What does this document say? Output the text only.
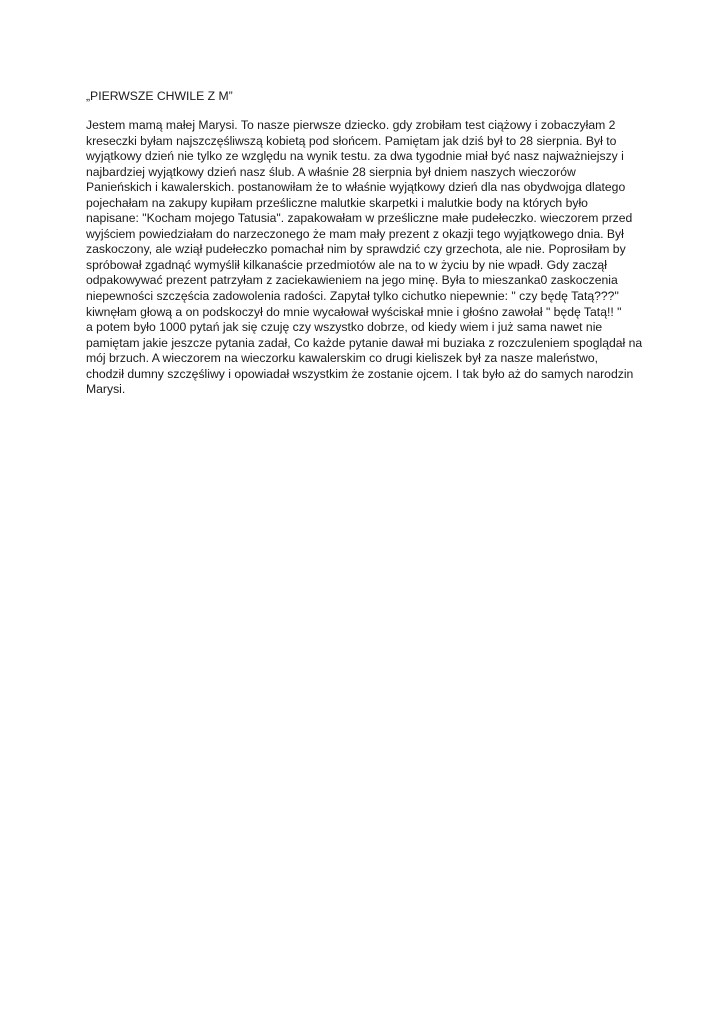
„PIERWSZE CHWILE Z M”
Jestem mamą małej Marysi. To nasze pierwsze dziecko. gdy zrobiłam test ciążowy i zobaczyłam 2
kreseczki byłam najszczęśliwszą kobietą pod słońcem. Pamiętam jak dziś był to 28 sierpnia. Był to
wyjątkowy dzień nie tylko ze względu na wynik testu. za dwa tygodnie miał być nasz najważniejszy i
najbardziej wyjątkowy dzień nasz ślub. A właśnie 28 sierpnia był dniem naszych wieczorów
Panieńskich i kawalerskich. postanowiłam że to właśnie wyjątkowy dzień dla nas obydwojga dlatego
pojechałam na zakupy kupiłam prześliczne malutkie skarpetki i malutkie body na których było
napisane: "Kocham mojego Tatusia". zapakowałam w prześliczne małe pudełeczko. wieczorem przed
wyjściem powiedziałam do narzeczonego że mam mały prezent z okazji tego wyjątkowego dnia. Był
zaskoczony, ale wziął pudełeczko pomachał nim by sprawdzić czy grzechota, ale nie. Poprosiłam by
spróbował zgadnąć wymyślił kilkanaście przedmiotów ale na to w życiu by nie wpadł. Gdy zaczął
odpakowywać prezent patrzyłam z zaciekawieniem na jego minę. Była to mieszanka0 zaskoczenia
niepewności szczęścia zadowolenia radości. Zapytał tylko cichutko niepewnie: " czy będę Tatą???"
kiwnęłam głową a on podskoczył do mnie wycałował wyściskał mnie i głośno zawołał " będę Tatą!! "
a potem było 1000 pytań jak się czuję czy wszystko dobrze, od kiedy wiem i już sama nawet nie
pamiętam jakie jeszcze pytania zadał, Co każde pytanie dawał mi buziaka z rozczuleniem spoglądał na
mój brzuch. A wieczorem na wieczorku kawalerskim co drugi kieliszek był za nasze maleństwo,
chodził dumny szczęśliwy i opowiadał wszystkim że zostanie ojcem. I tak było aż do samych narodzin
Marysi.
